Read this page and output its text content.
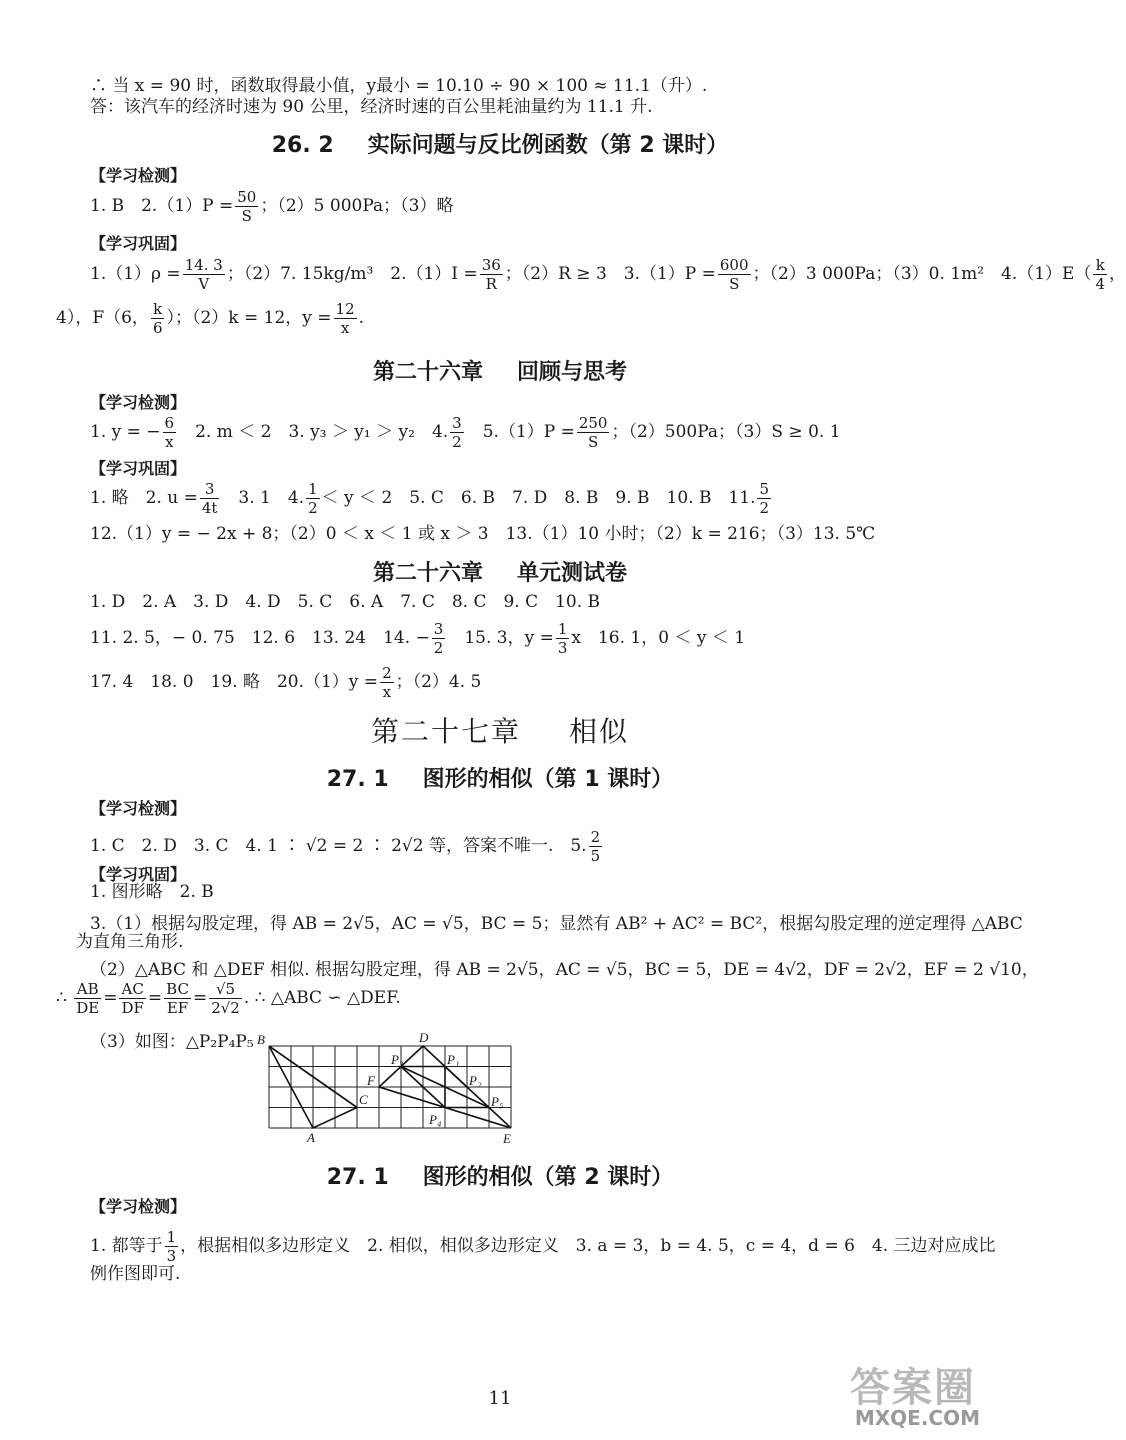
∴ 当 x = 90 时，函数取得最小值，y最小 = 10.10 ÷ 90 × 100 ≈ 11.1（升）.
答：该汽车的经济时速为 90 公里，经济时速的百公里耗油量约为 11.1 升.
26. 2 实际问题与反比例函数（第 2 课时）
【学习检测】
1. B　$2.(1)P = \frac{50}{S}$ ；（2）5 000Pa；（3）略
【学习巩固】
$1.(1)\rho = \frac{14. 3}{V}$ ；（2）7. 15kg/m³　$2.(1)I = \frac{36}{R}$ ；（2）R ≥ 3　$3.(1)P = \frac{600}{S}$ ；（2）3 000Pa；（3）0. 1m²　$4.(1)E( \frac{k}{4}$ ，
4），F（6， $\frac{k}{6}$ ）；（2）k = 12，$y = \frac{12}{x}$ .
第二十六章 回顾与思考
【学习检测】
1. y = − $\frac{6}{x}$ 　2. m ＜ 2　3. y₃ ＞ y₁ ＞ y₂　4. $\frac{3}{2}$ 　$5.(1)P = \frac{250}{S}$ ；（2）500Pa；（3）S ≥ 0. 1
【学习巩固】
1. 略　2. $u = \frac{3}{4t}$ 　3. 1　4. $\frac{1}{2} < y < 2$　5. C　6. B　7. D　8. B　9. B　10. B　11. $\frac{5}{2}$
12.（1）y = − 2x + 8；（2）0 ＜ x ＜ 1 或 x ＞ 3　13.（1）10 小时；（2）k = 216；（3）13. 5℃
第二十六章 单元测试卷
1. D　2. A　3. D　4. D　5. C　6. A　7. C　8. C　9. C　10. B
11. 2. 5，− 0. 75　12. 6　13. 24　14. − $\frac{3}{2}$ 　15. 3，$y = \frac{1}{3}$ x　16. 1，0 ＜ y ＜ 1
17. 4　18. 0　19. 略　$20.(1)y = \frac{2}{x}$ ；（2）4. 5
第二十七章 相似
27. 1 图形的相似（第 1 课时）
【学习检测】
1. C　2. D　3. C　4. 1 ∶ √2 = 2 ∶ 2√2 等，答案不唯一.　5. $\frac{2}{5}$
【学习巩固】
1. 图形略　2. B
3.（1）根据勾股定理，得 AB = 2√5，AC = √5，BC = 5；显然有 AB² + AC² = BC²，根据勾股定理的逆定理得 △ABC
为直角三角形.
（2）△ABC 和 △DEF 相似. 根据勾股定理，得 AB = 2√5，AC = √5，BC = 5，DE = 4√2，DF = 2√2，EF = 2 √10，
∴ $\frac{AB}{DE} = \frac{AC}{DF} = \frac{BC}{EF} = \frac{√5}{2√2}$ . ∴ △ABC ∽ △DEF.
（3）如图：△P₂P₄P₅ B
A
C
D
E
F
P₃	P₁
P₂
P₅
P₄
27. 1 图形的相似（第 2 课时）
【学习检测】
1. 都等于 $\frac{1}{3}$ ，根据相似多边形定义　2. 相似，相似多边形定义　3. a = 3，b = 4. 5，c = 4，d = 6　4. 三边对应成比
例作图即可.
11	答案圈
MXQE.COM
